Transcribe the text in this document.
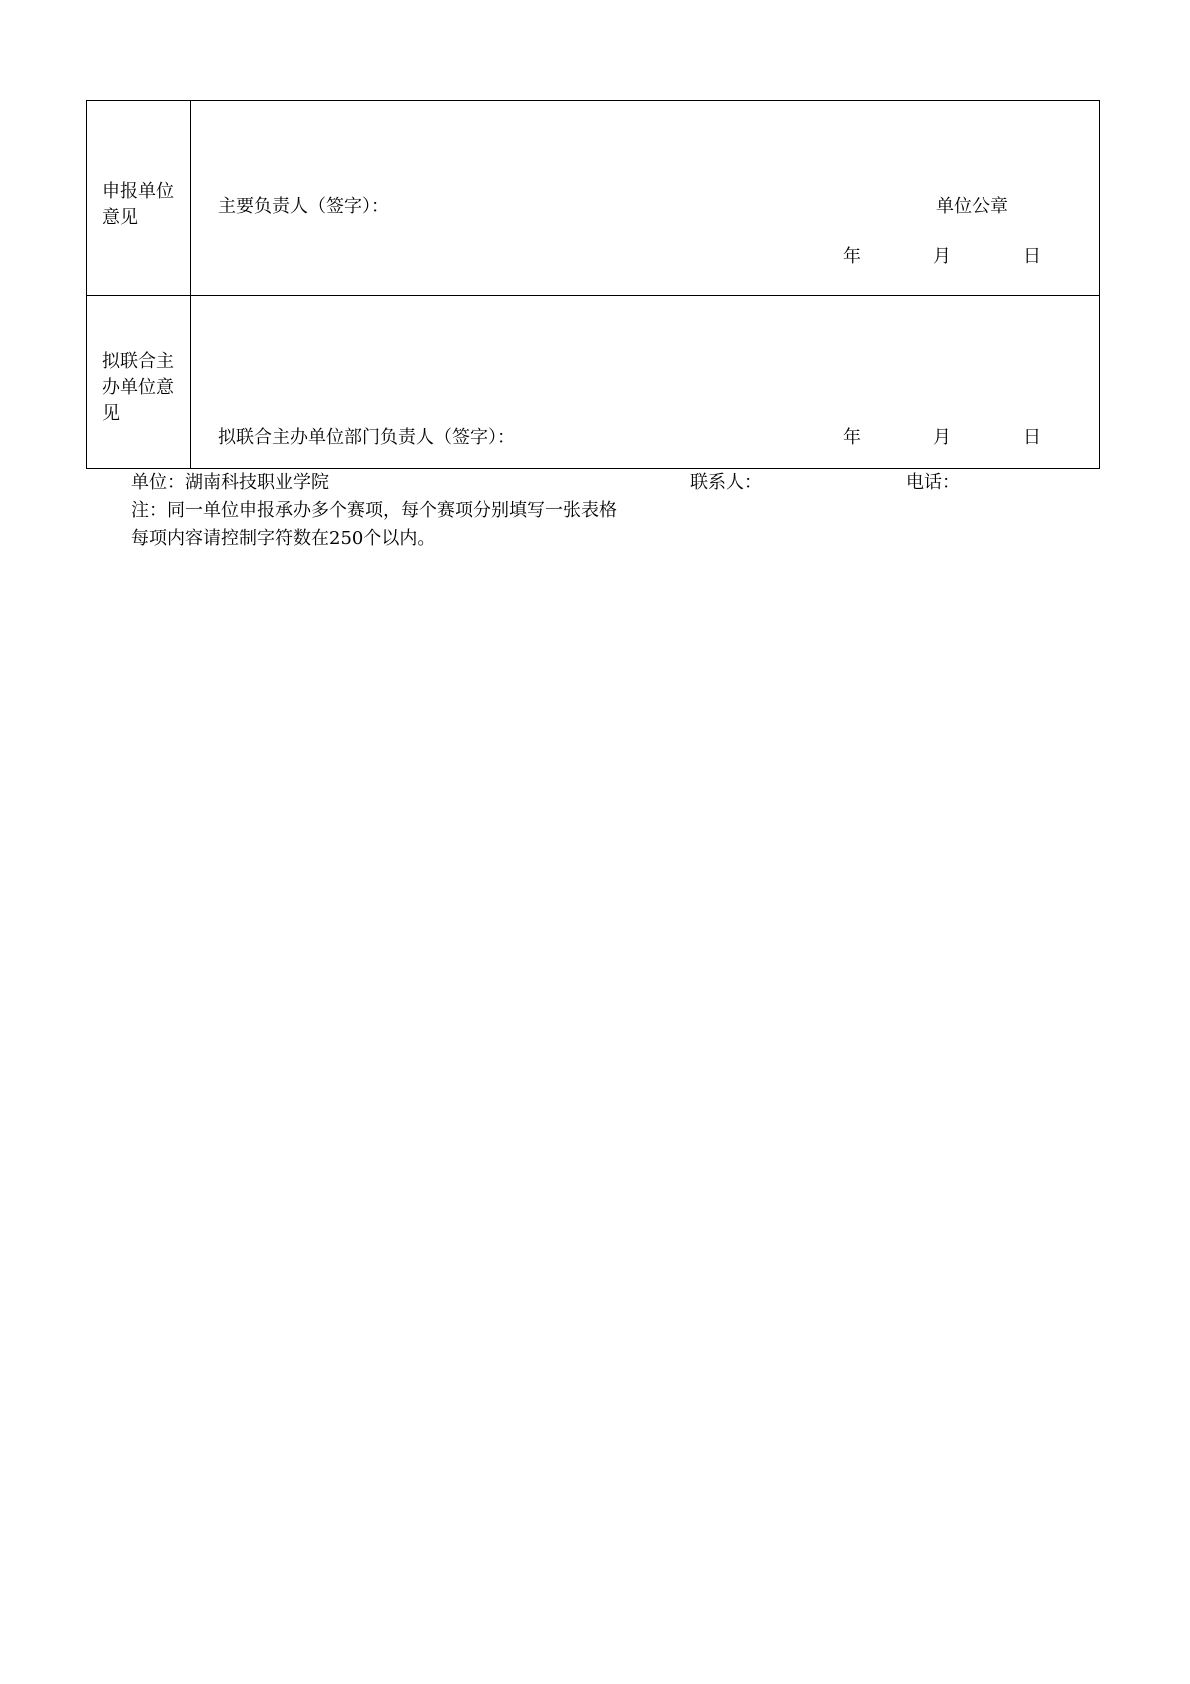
申报单位意见
主要负责人（签字）：	单位公章
年	月	日
拟联合主办单位意见
拟联合主办单位部门负责人（签字）：	年	月	日
单位：湖南科技职业学院	联系人：	电话：
注：同一单位申报承办多个赛项，每个赛项分别填写一张表格
每项内容请控制字符数在250个以内。
